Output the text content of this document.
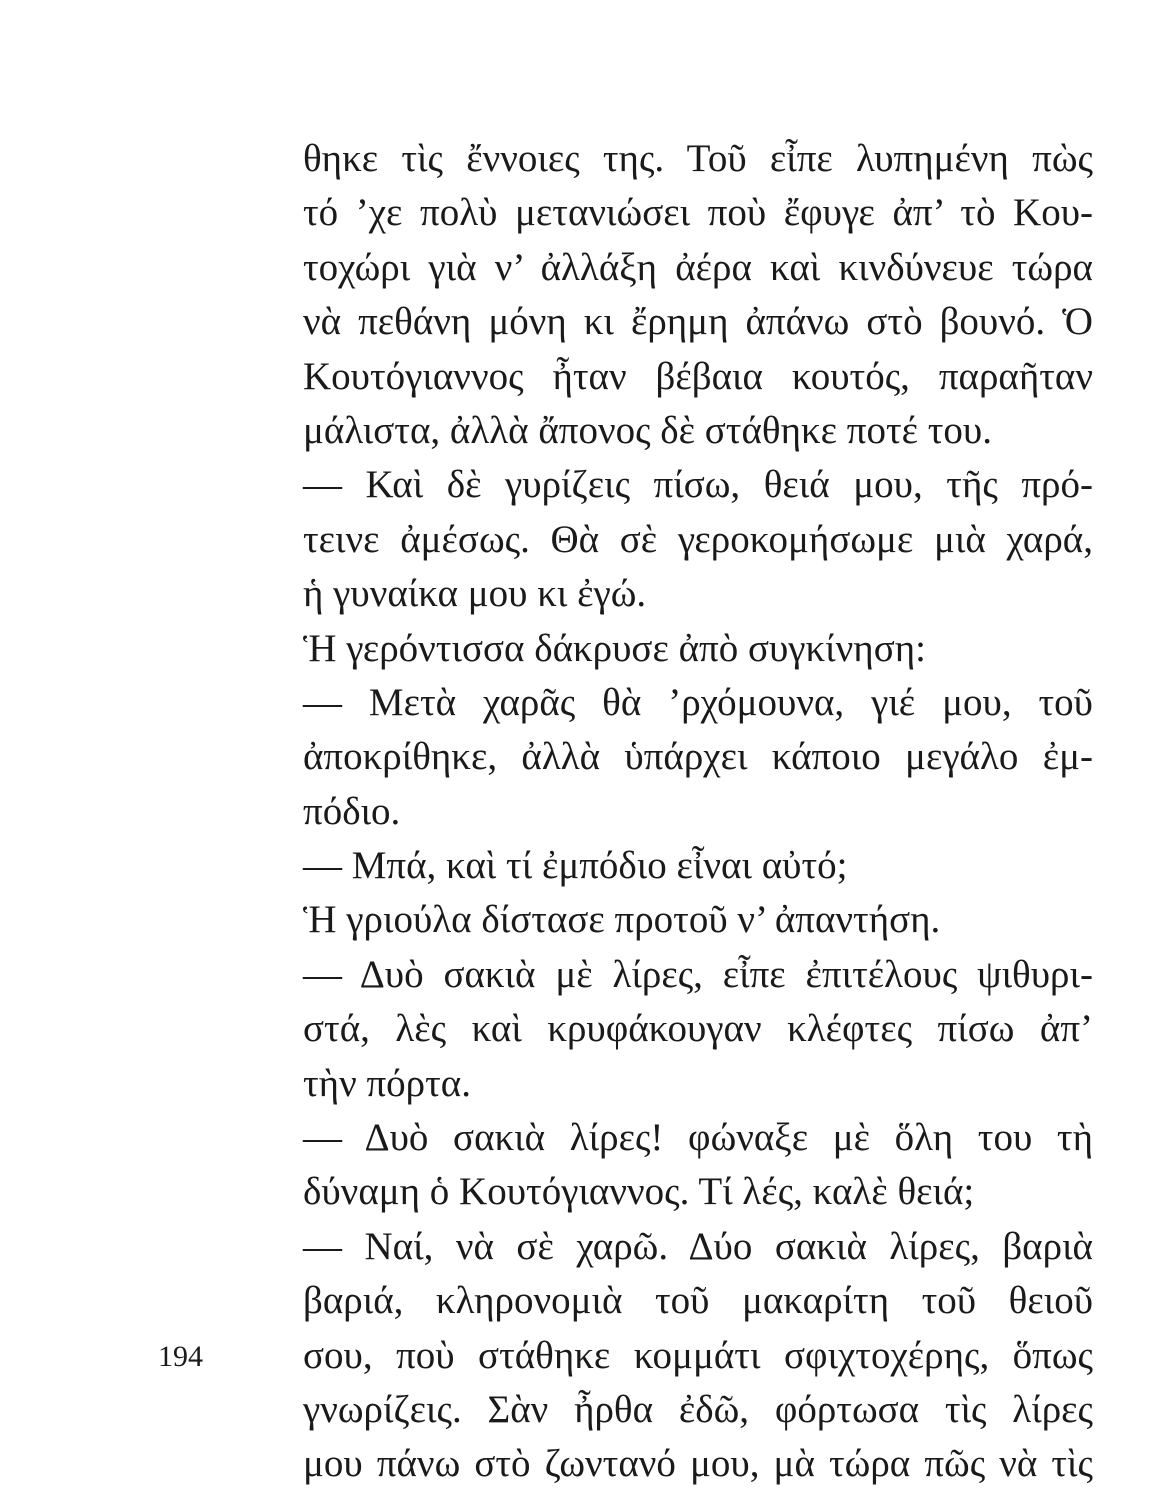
θηκε τὶς ἔννοιες της. Τοῦ εἶπε λυπημένη πὼς
τό ’χε πολὺ μετανιώσει ποὺ ἔφυγε ἀπ’ τὸ Κου-
τοχώρι γιὰ ν’ ἀλλάξη ἀέρα καὶ κινδύνευε τώρα
νὰ πεθάνη μόνη κι ἔρημη ἀπάνω στὸ βουνό. Ὁ
Κουτόγιαννος ἦταν βέβαια κουτός, παραῆταν
μάλιστα, ἀλλὰ ἄπονος δὲ στάθηκε ποτέ του.
— Καὶ δὲ γυρίζεις πίσω, θειά μου, τῆς πρό-
τεινε ἀμέσως. Θὰ σὲ γεροκομήσωμε μιὰ χαρά,
ἡ γυναίκα μου κι ἐγώ.
Ἡ γερόντισσα δάκρυσε ἀπὸ συγκίνηση:
— Μετὰ χαρᾶς θὰ ’ρχόμουνα, γιέ μου, τοῦ
ἀποκρίθηκε, ἀλλὰ ὑπάρχει κάποιο μεγάλο ἐμ-
πόδιο.
— Μπά, καὶ τί ἐμπόδιο εἶναι αὐτό;
Ἡ γριούλα δίστασε προτοῦ ν’ ἀπαντήση.
— Δυὸ σακιὰ μὲ λίρες, εἶπε ἐπιτέλους ψιθυρι-
στά, λὲς καὶ κρυφάκουγαν κλέφτες πίσω ἀπ’
τὴν πόρτα.
— Δυὸ σακιὰ λίρες! φώναξε μὲ ὅλη του τὴ
δύναμη ὁ Κουτόγιαννος. Τί λές, καλὲ θειά;
— Ναί, νὰ σὲ χαρῶ. Δύο σακιὰ λίρες, βαριὰ
βαριά, κληρονομιὰ τοῦ μακαρίτη τοῦ θειοῦ
σου, ποὺ στάθηκε κομμάτι σφιχτοχέρης, ὅπως
γνωρίζεις. Σὰν ἦρθα ἐδῶ, φόρτωσα τὶς λίρες
μου πάνω στὸ ζωντανό μου, μὰ τώρα πῶς νὰ τὶς
194
